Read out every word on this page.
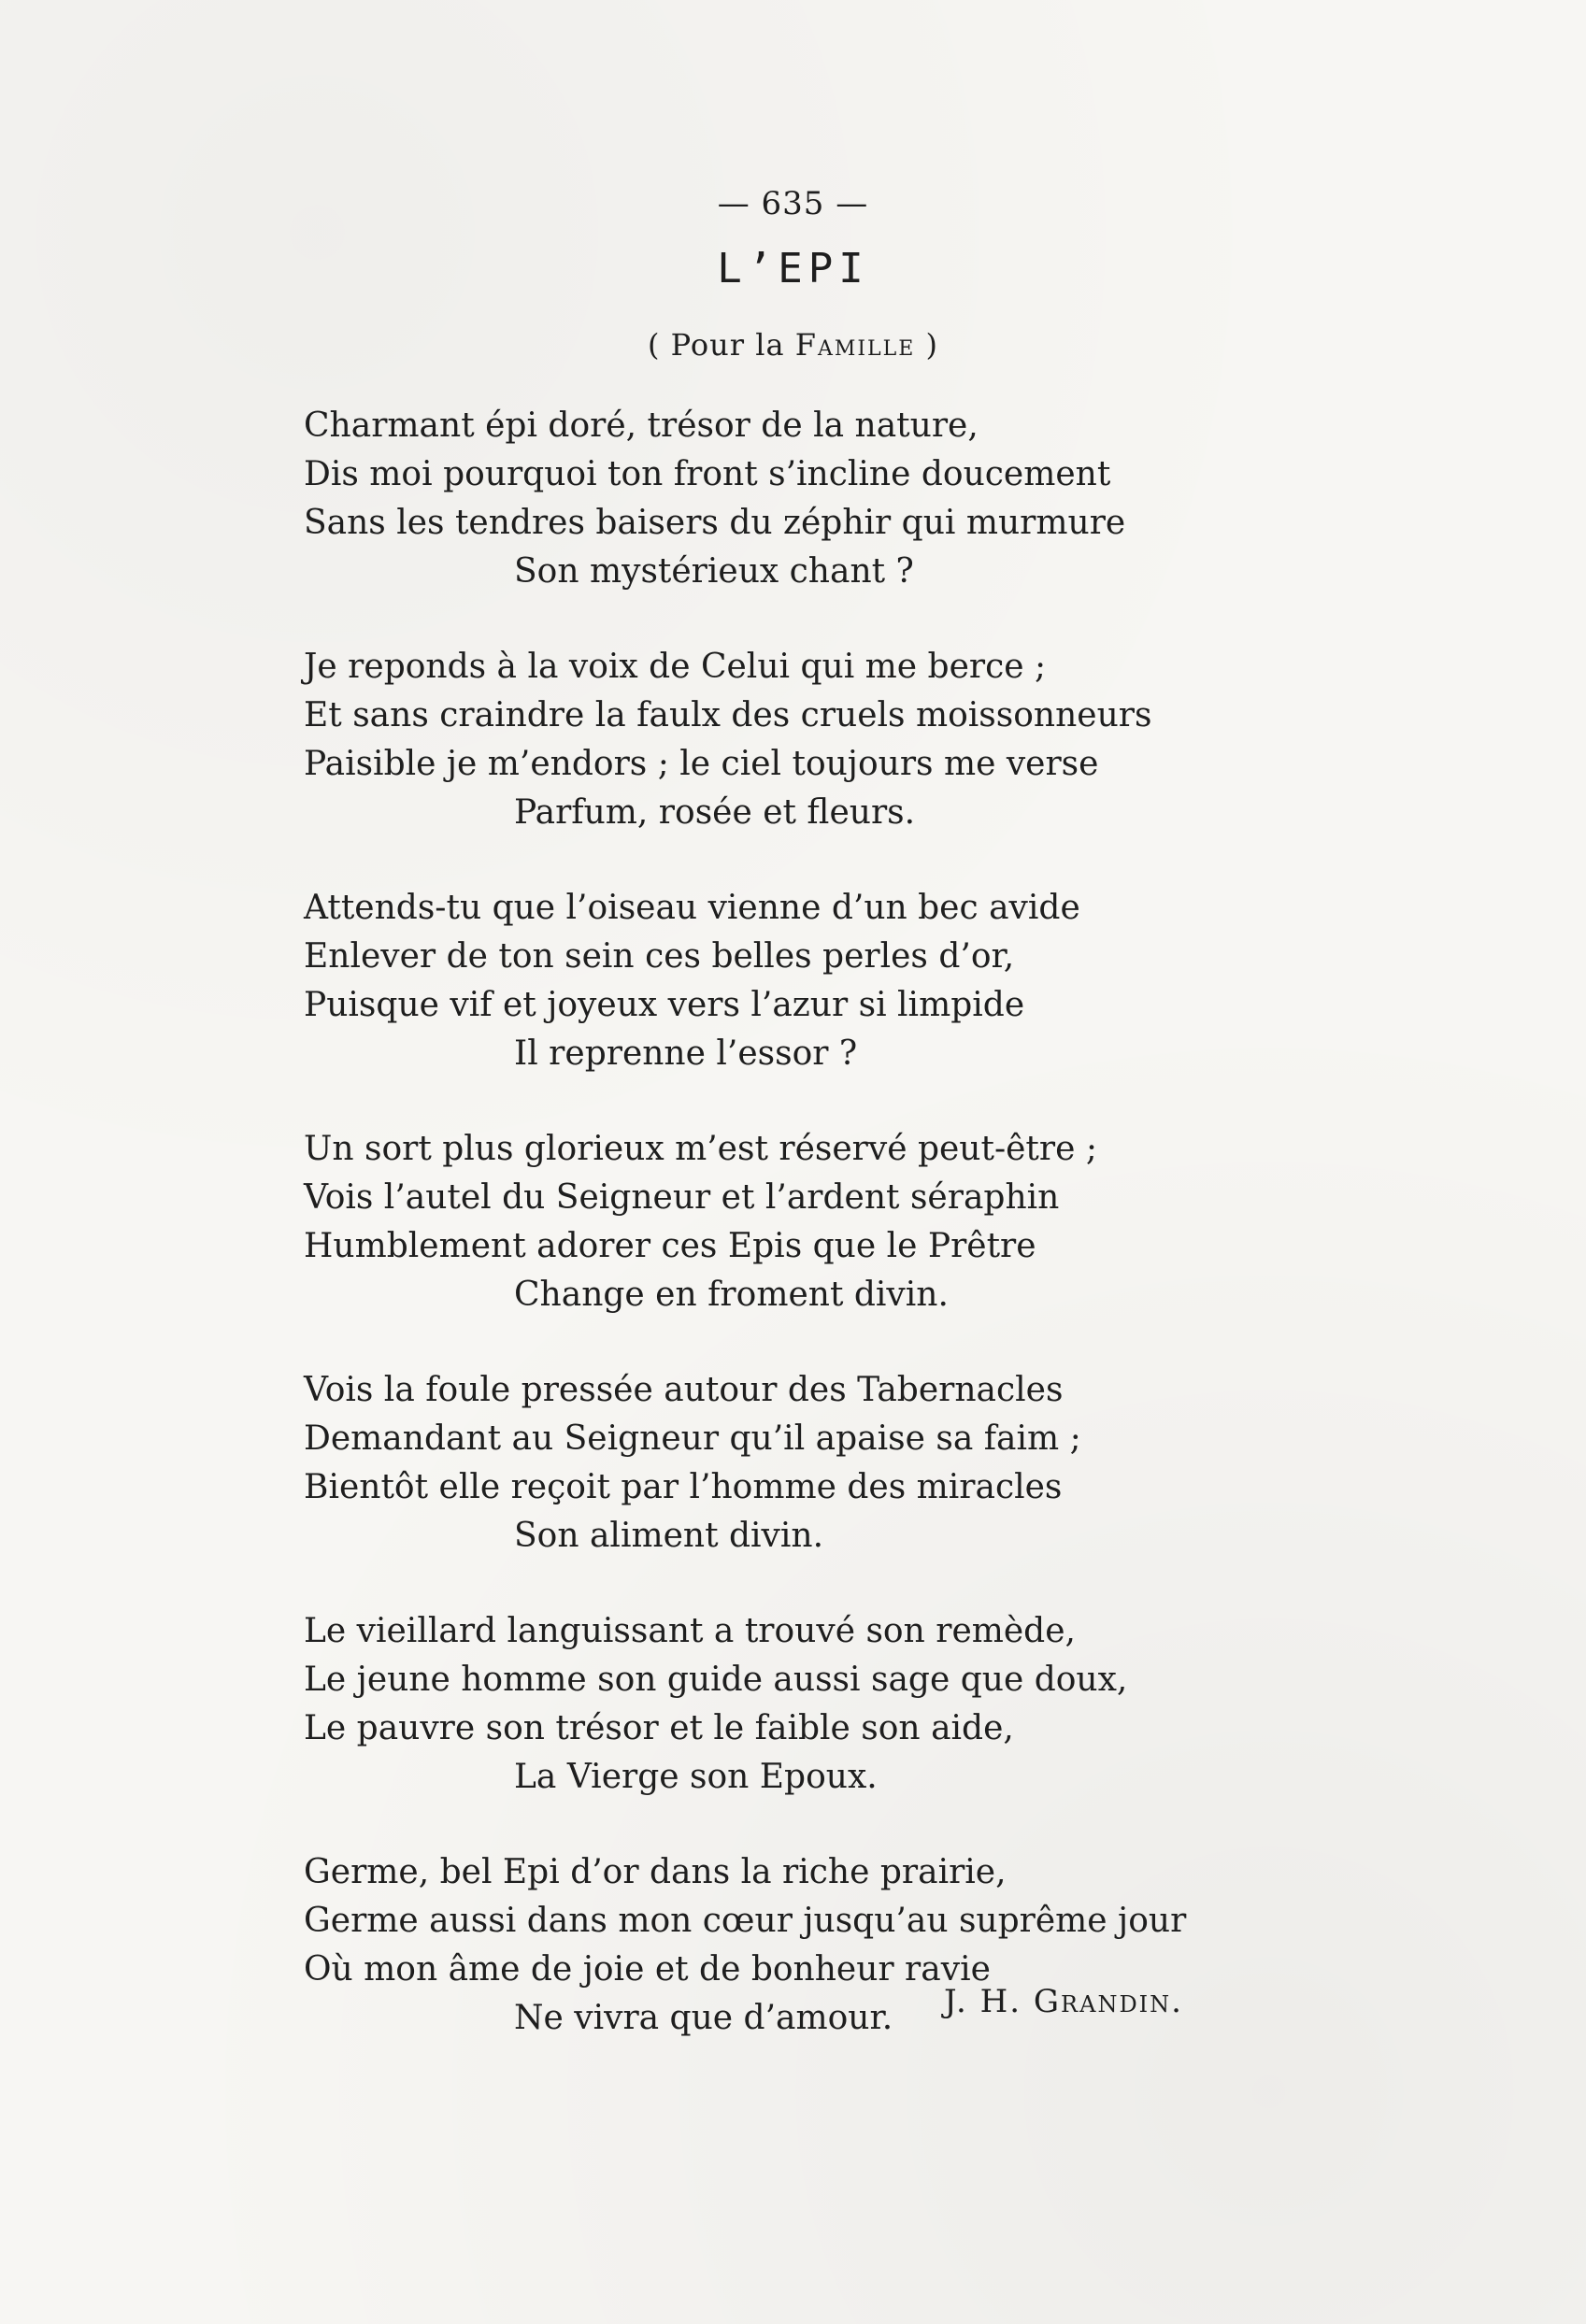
— 635 —
L’EPI
( Pour la Famille )
Charmant épi doré, trésor de la nature,
Dis moi pourquoi ton front s’incline doucement
Sans les tendres baisers du zéphir qui murmure
Son mystérieux chant ?
Je reponds à la voix de Celui qui me berce ;
Et sans craindre la faulx des cruels moissonneurs
Paisible je m’endors ; le ciel toujours me verse
Parfum, rosée et fleurs.
Attends-tu que l’oiseau vienne d’un bec avide
Enlever de ton sein ces belles perles d’or,
Puisque vif et joyeux vers l’azur si limpide
Il reprenne l’essor ?
Un sort plus glorieux m’est réservé peut-être ;
Vois l’autel du Seigneur et l’ardent séraphin
Humblement adorer ces Epis que le Prêtre
Change en froment divin.
Vois la foule pressée autour des Tabernacles
Demandant au Seigneur qu’il apaise sa faim ;
Bientôt elle reçoit par l’homme des miracles
Son aliment divin.
Le vieillard languissant a trouvé son remède,
Le jeune homme son guide aussi sage que doux,
Le pauvre son trésor et le faible son aide,
La Vierge son Epoux.
Germe, bel Epi d’or dans la riche prairie,
Germe aussi dans mon cœur jusqu’au suprême jour
Où mon âme de joie et de bonheur ravie
Ne vivra que d’amour.	J. H. Grandin.
